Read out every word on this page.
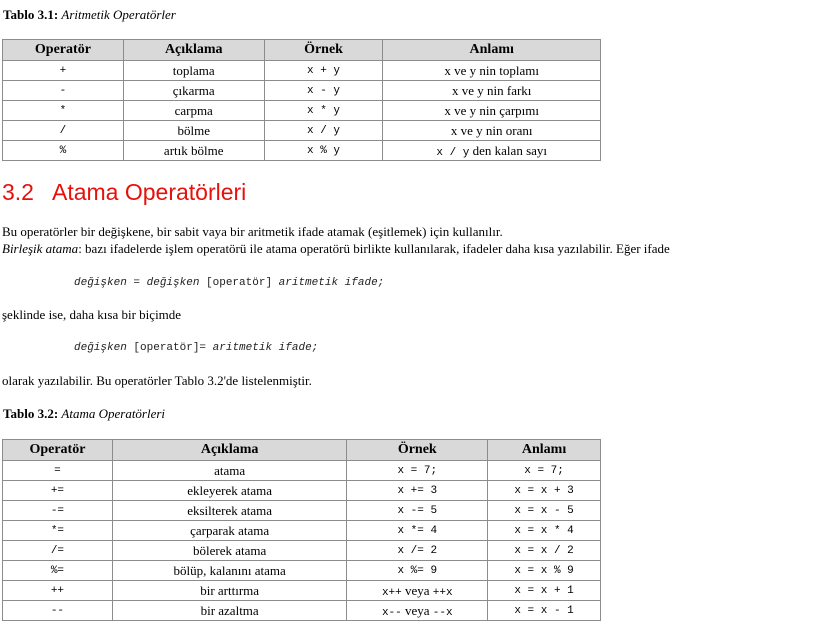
Tablo 3.1: Aritmetik Operatörler
Operatör	Açıklama	Örnek	Anlamı
+	toplama	x + y	x ve y nin toplamı
-	çıkarma	x - y	x ve y nin farkı
*	carpma	x * y	x ve y nin çarpımı
/	bölme	x / y	x ve y nin oranı
%	artık bölme	x % y	x / y den kalan sayı
3.2 Atama Operatörleri
Bu operatörler bir değişkene, bir sabit vaya bir aritmetik ifade atamak (eşitlemek) için kullanılır.
Birleşik atama: bazı ifadelerde işlem operatörü ile atama operatörü birlikte kullanılarak, ifadeler daha kısa yazılabilir. Eğer ifade
değişken = değişken [operatör] aritmetik ifade;
şeklinde ise, daha kısa bir biçimde
değişken [operatör]= aritmetik ifade;
olarak yazılabilir. Bu operatörler Tablo 3.2'de listelenmiştir.
Tablo 3.2: Atama Operatörleri
Operatör	Açıklama	Örnek	Anlamı
=	atama	x = 7;	x = 7;
+=	ekleyerek atama	x += 3	x = x + 3
-=	eksilterek atama	x -= 5	x = x - 5
*=	çarparak atama	x *= 4	x = x * 4
/=	bölerek atama	x /= 2	x = x / 2
%=	bölüp, kalanını atama	x %= 9	x = x % 9
++	bir arttırma	x++ veya ++x	x = x + 1
--	bir azaltma	x-- veya --x	x = x - 1
